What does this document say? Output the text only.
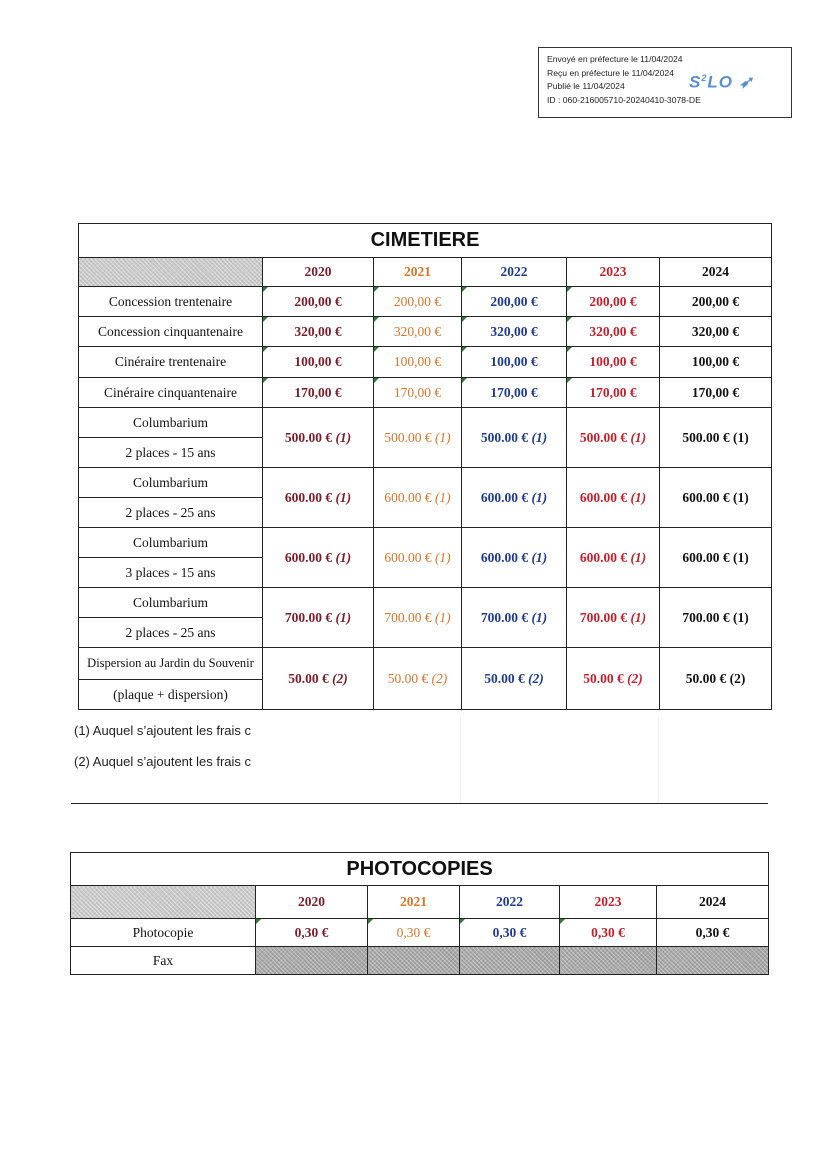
Envoyé en préfecture le 11/04/2024
Reçu en préfecture le 11/04/2024
Publié le 11/04/2024
ID : 060-216005710-20240410-3078-DE
$S^2LO$ ➶
CIMETIERE					
	2020	2021	2022	2023	2024
Concession trentenaire	200,00 €	200,00 €	200,00 €	200,00 €	200,00 €
Concession cinquantenaire	320,00 €	320,00 €	320,00 €	320,00 €	320,00 €
Cinéraire trentenaire	100,00 €	100,00 €	100,00 €	100,00 €	100,00 €
Cinéraire cinquantenaire	170,00 €	170,00 €	170,00 €	170,00 €	170,00 €
Columbarium	500.00 € (1)	500.00 € (1)	500.00 € (1)	500.00 € (1)	500.00 € (1)
2 places - 15 ans					
Columbarium	600.00 € (1)	600.00 € (1)	600.00 € (1)	600.00 € (1)	600.00 € (1)
2 places - 25 ans					
Columbarium	600.00 € (1)	600.00 € (1)	600.00 € (1)	600.00 € (1)	600.00 € (1)
3 places - 15 ans					
Columbarium	700.00 € (1)	700.00 € (1)	700.00 € (1)	700.00 € (1)	700.00 € (1)
2 places - 25 ans					
Dispersion au Jardin du Souvenir	50.00 € (2)	50.00 € (2)	50.00 € (2)	50.00 € (2)	50.00 € (2)
(plaque + dispersion)					
(1) Auquel s’ajoutent les frais c
(2) Auquel s’ajoutent les frais c
PHOTOCOPIES					
	2020	2021	2022	2023	2024
Photocopie	0,30 €	0,30 €	0,30 €	0,30 €	0,30 €
Fax					
